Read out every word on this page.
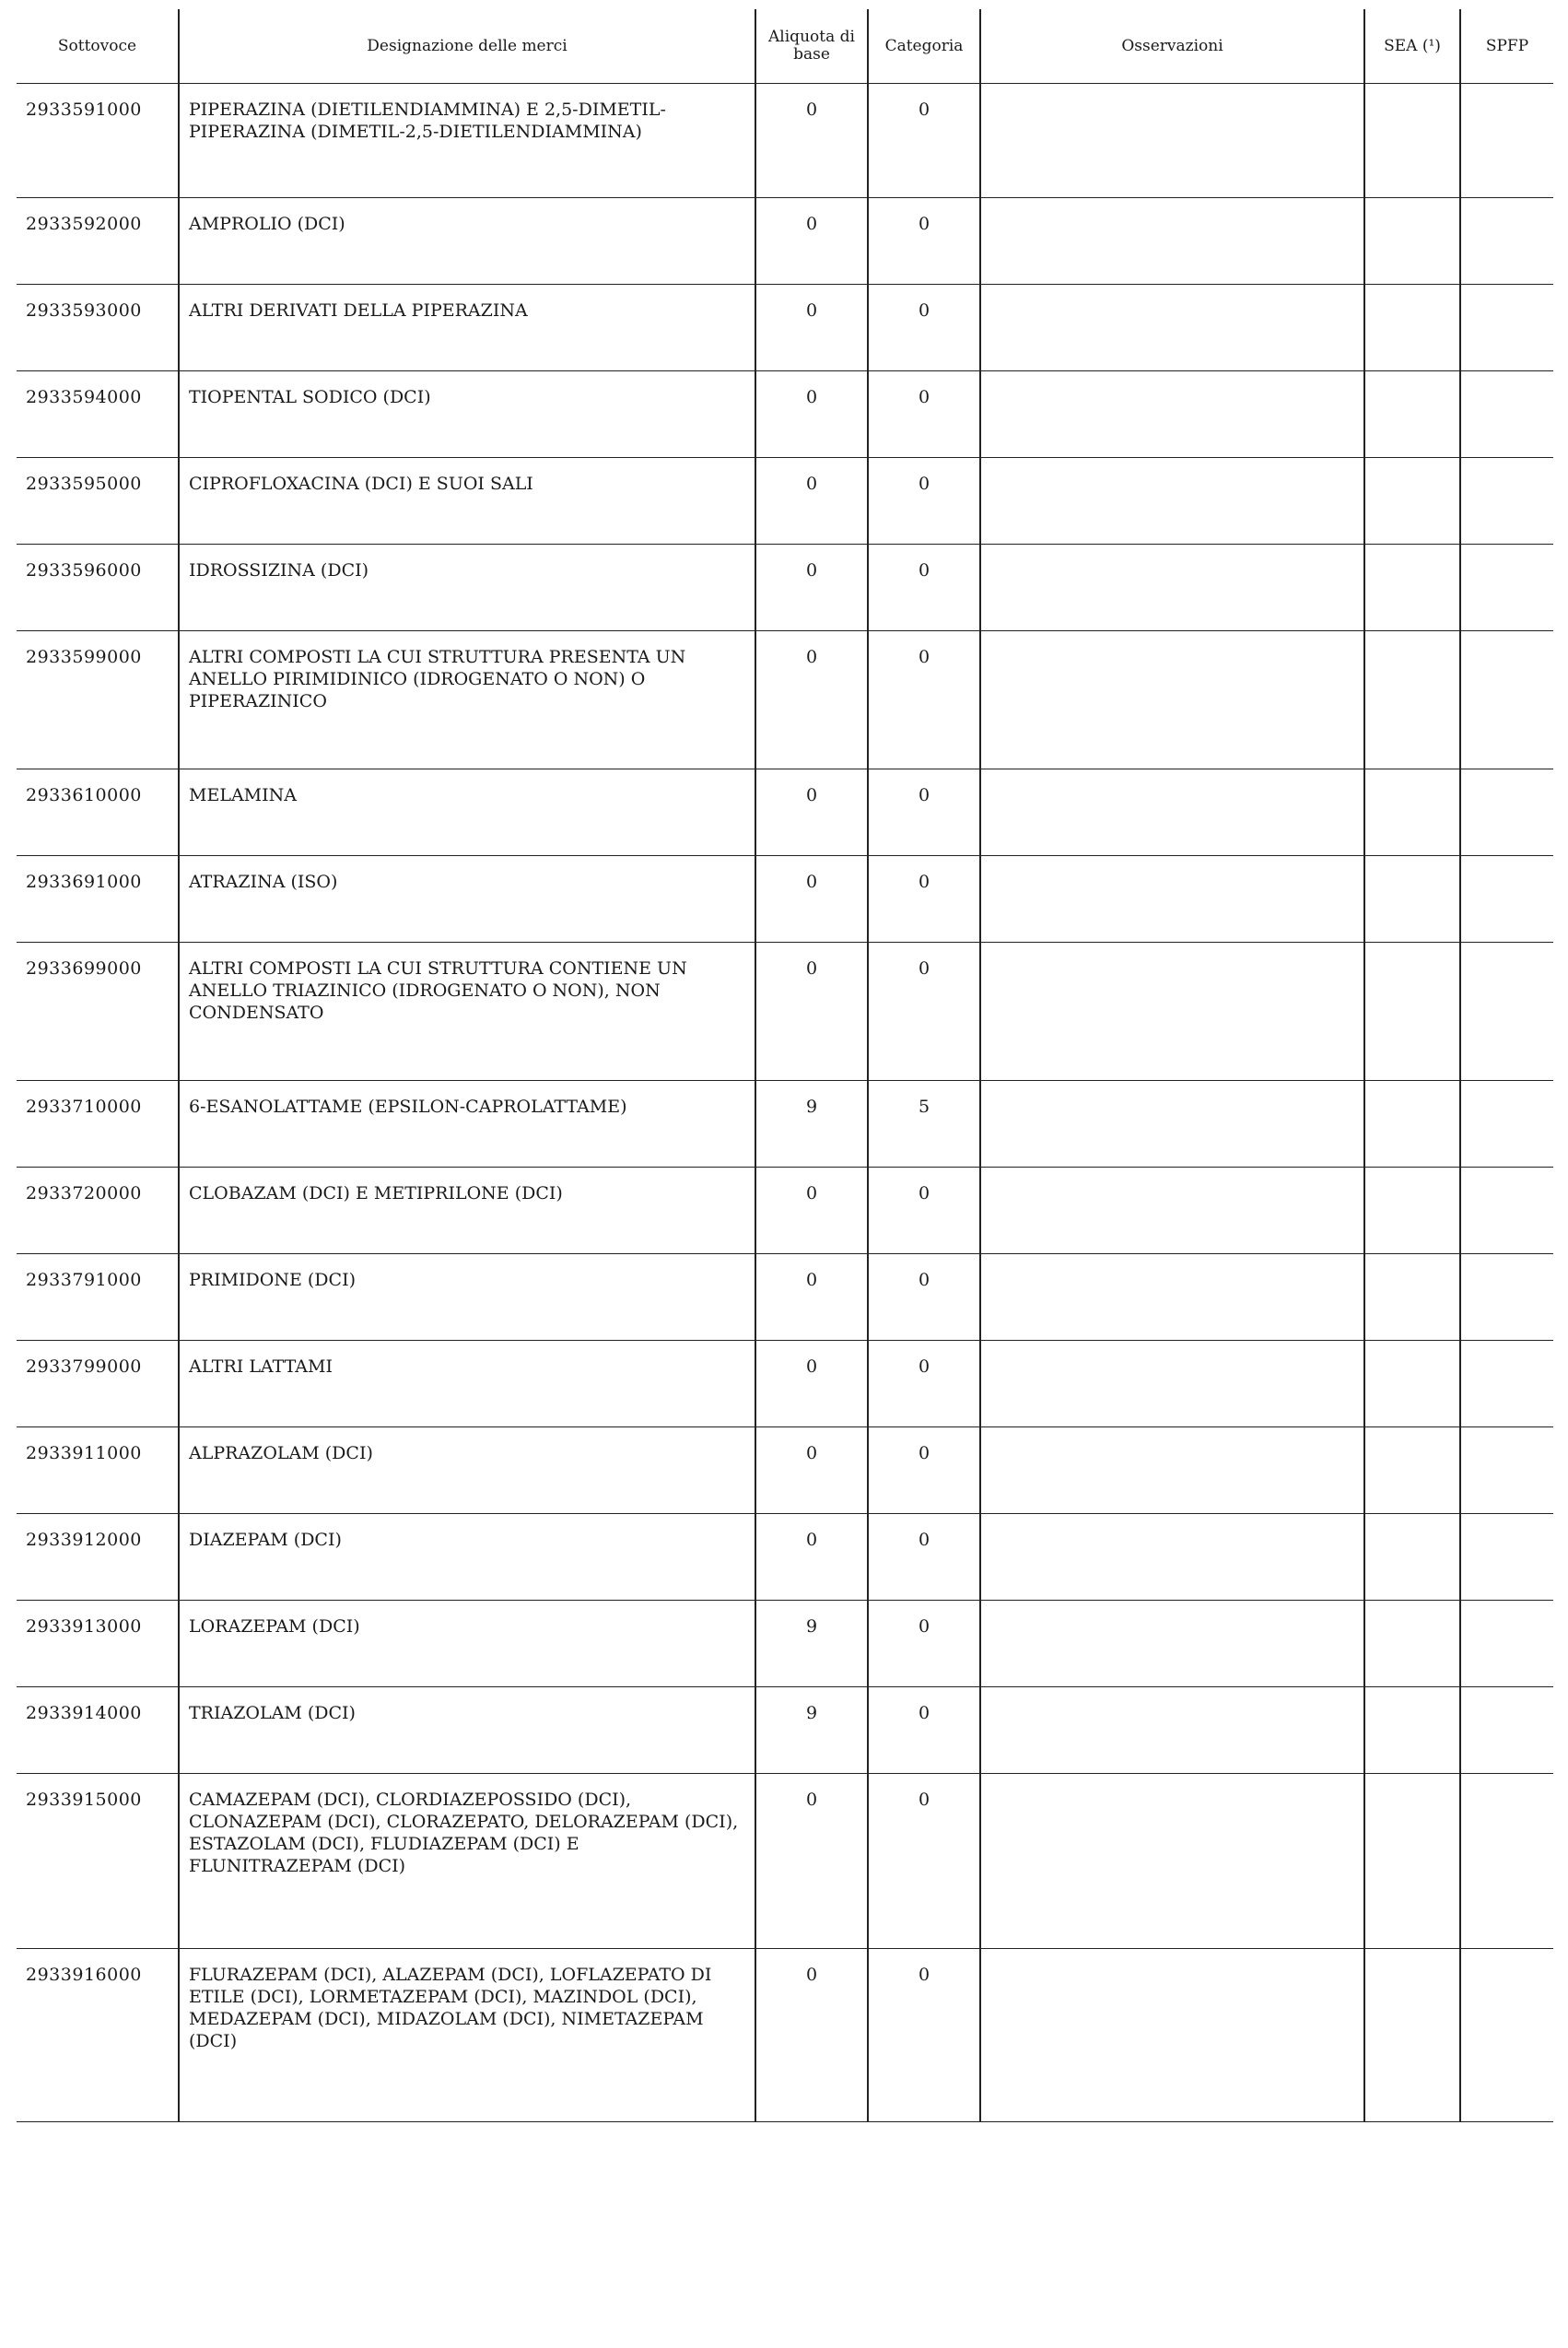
Sottovoce	Designazione delle merci	Aliquota di base	Categoria	Osservazioni	SEA (¹)	SPFP
2933591000	PIPERAZINA (DIETILENDIAMMINA) E 2,5-DIMETIL-PIPERAZINA (DIMETIL-2,5-DIETILENDIAMMINA)	0	0			
2933592000	AMPROLIO (DCI)	0	0			
2933593000	ALTRI DERIVATI DELLA PIPERAZINA	0	0			
2933594000	TIOPENTAL SODICO (DCI)	0	0			
2933595000	CIPROFLOXACINA (DCI) E SUOI SALI	0	0			
2933596000	IDROSSIZINA (DCI)	0	0			
2933599000	ALTRI COMPOSTI LA CUI STRUTTURA PRESENTA UN ANELLO PIRIMIDINICO (IDROGENATO O NON) O PIPERAZINICO	0	0			
2933610000	MELAMINA	0	0			
2933691000	ATRAZINA (ISO)	0	0			
2933699000	ALTRI COMPOSTI LA CUI STRUTTURA CONTIENE UN ANELLO TRIAZINICO (IDROGENATO O NON), NON CONDENSATO	0	0			
2933710000	6-ESANOLATTAME (EPSILON-CAPROLATTAME)	9	5			
2933720000	CLOBAZAM (DCI) E METIPRILONE (DCI)	0	0			
2933791000	PRIMIDONE (DCI)	0	0			
2933799000	ALTRI LATTAMI	0	0			
2933911000	ALPRAZOLAM (DCI)	0	0			
2933912000	DIAZEPAM (DCI)	0	0			
2933913000	LORAZEPAM (DCI)	9	0			
2933914000	TRIAZOLAM (DCI)	9	0			
2933915000	CAMAZEPAM (DCI), CLORDIAZEPOSSIDO (DCI), CLONAZEPAM (DCI), CLORAZEPATO, DELORAZEPAM (DCI), ESTAZOLAM (DCI), FLUDIAZEPAM (DCI) E FLUNITRAZEPAM (DCI)	0	0			
2933916000	FLURAZEPAM (DCI), ALAZEPAM (DCI), LOFLAZEPATO DI ETILE (DCI), LORMETAZEPAM (DCI), MAZINDOL (DCI), MEDAZEPAM (DCI), MIDAZOLAM (DCI), NIMETAZEPAM (DCI)	0	0			
